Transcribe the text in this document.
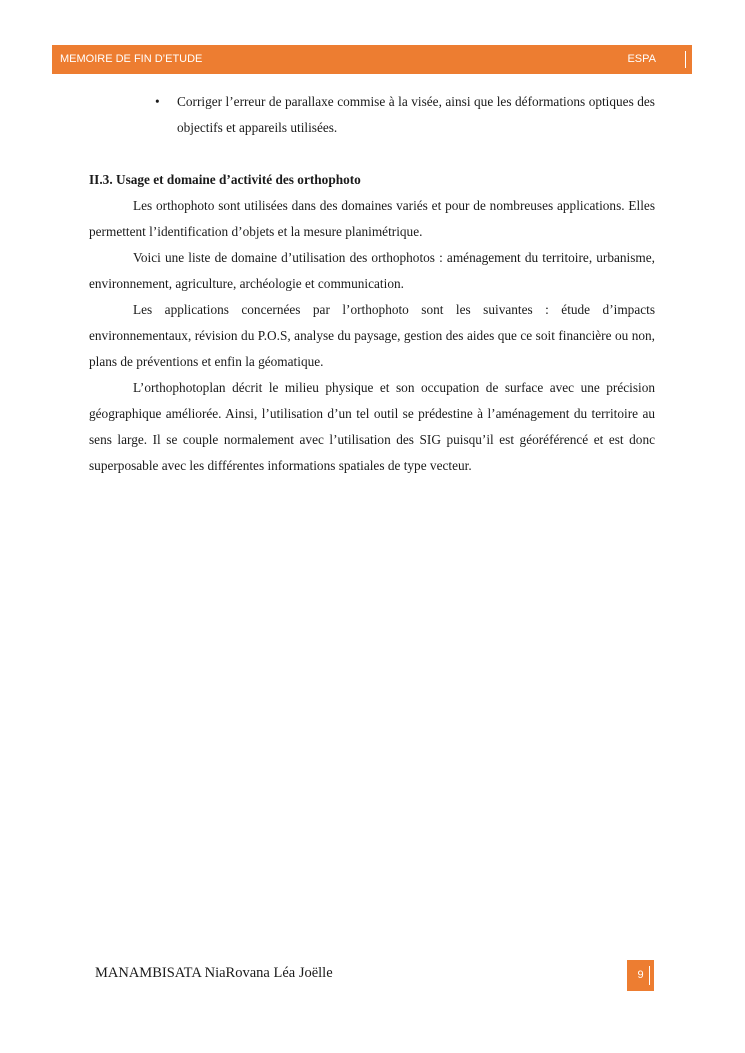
MEMOIRE DE FIN D’ETUDE	ESPA

• Corriger l’erreur de parallaxe commise à la visée, ainsi que les déformations optiques des objectifs et appareils utilisées.

II.3. Usage et domaine d’activité des orthophoto

Les orthophoto sont utilisées dans des domaines variés et pour de nombreuses applications. Elles permettent l’identification d’objets et la mesure planimétrique.

Voici une liste de domaine d’utilisation des orthophotos : aménagement du territoire, urbanisme, environnement, agriculture, archéologie et communication.

Les applications concernées par l’orthophoto sont les suivantes : étude d’impacts environnementaux, révision du P.O.S, analyse du paysage, gestion des aides que ce soit financière ou non, plans de préventions et enfin la géomatique.

L’orthophotoplan décrit le milieu physique et son occupation de surface avec une précision géographique améliorée. Ainsi, l’utilisation d’un tel outil se prédestine à l’aménagement du territoire au sens large. Il se couple normalement avec l’utilisation des SIG puisqu’il est géoréférencé et est donc superposable avec les différentes informations spatiales de type vecteur.

MANAMBISATA NiaRovana Léa Joëlle	9
